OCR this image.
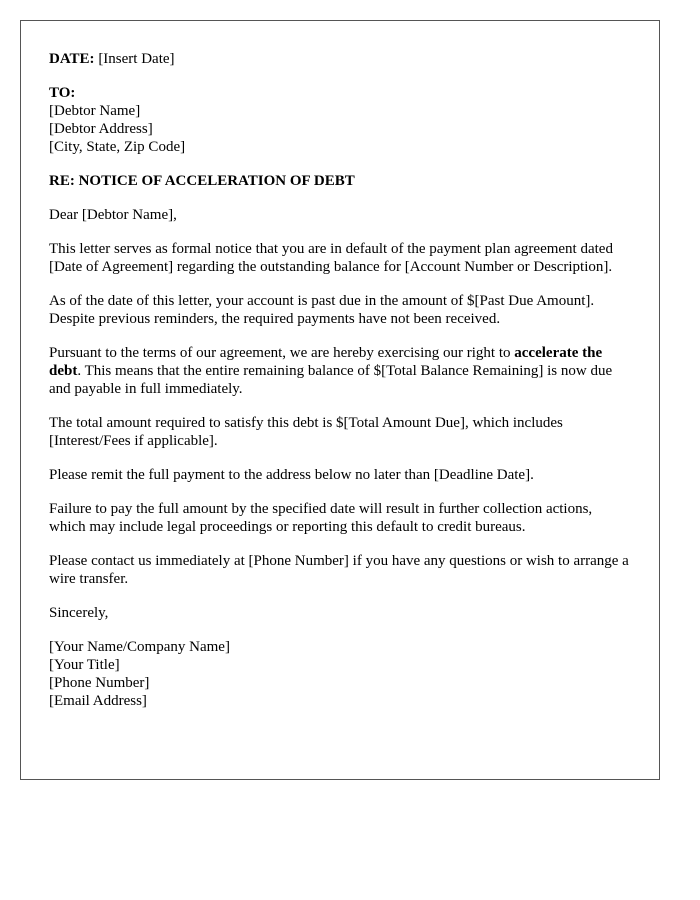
DATE: [Insert Date]
TO:
[Debtor Name]
[Debtor Address]
[City, State, Zip Code]
RE: NOTICE OF ACCELERATION OF DEBT
Dear [Debtor Name],
This letter serves as formal notice that you are in default of the payment plan agreement dated [Date of Agreement] regarding the outstanding balance for [Account Number or Description].
As of the date of this letter, your account is past due in the amount of $[Past Due Amount]. Despite previous reminders, the required payments have not been received.
Pursuant to the terms of our agreement, we are hereby exercising our right to accelerate the debt. This means that the entire remaining balance of $[Total Balance Remaining] is now due and payable in full immediately.
The total amount required to satisfy this debt is $[Total Amount Due], which includes [Interest/Fees if applicable].
Please remit the full payment to the address below no later than [Deadline Date].
Failure to pay the full amount by the specified date will result in further collection actions, which may include legal proceedings or reporting this default to credit bureaus.
Please contact us immediately at [Phone Number] if you have any questions or wish to arrange a wire transfer.
Sincerely,
[Your Name/Company Name]
[Your Title]
[Phone Number]
[Email Address]
